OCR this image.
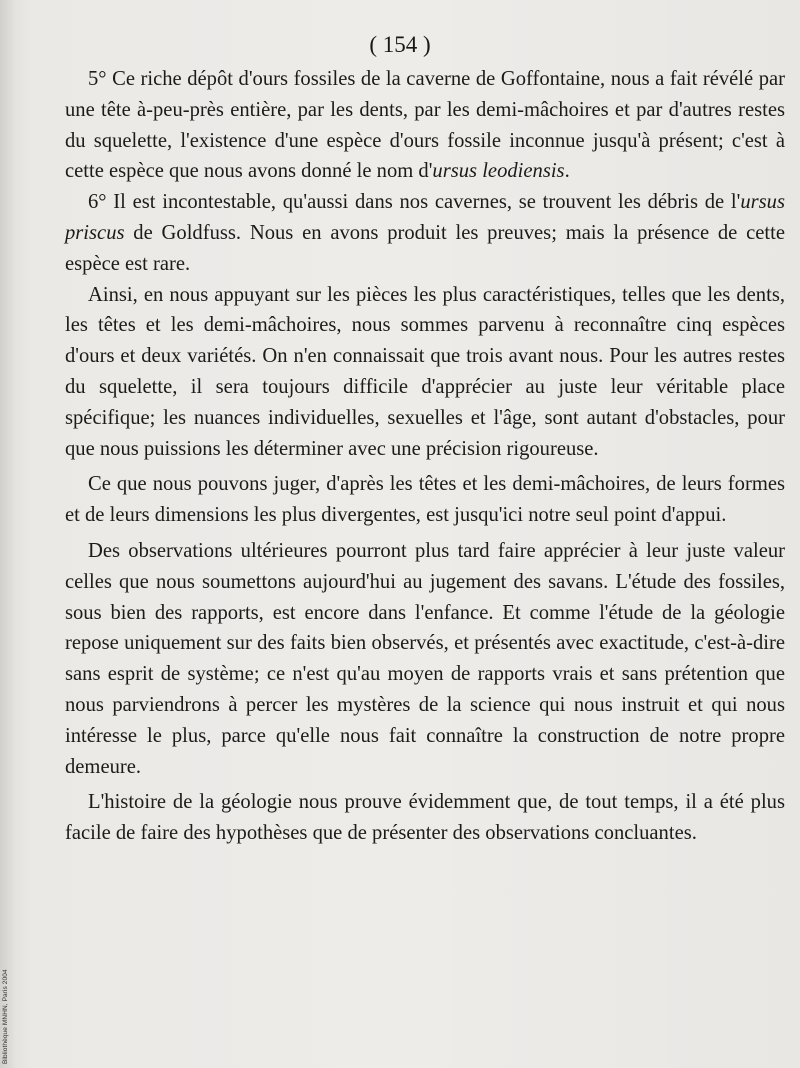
Bibliothèque MNHN, Paris 2004
( 154 )

5° Ce riche dépôt d'ours fossiles de la caverne de Goffontaine, nous a fait révélé par une tête à-peu-près entière, par les dents, par les demi-mâchoires et par d'autres restes du squelette, l'existence d'une espèce d'ours fossile inconnue jusqu'à présent; c'est à cette espèce que nous avons donné le nom d'ursus leodiensis.

6° Il est incontestable, qu'aussi dans nos cavernes, se trouvent les débris de l'ursus priscus de Goldfuss. Nous en avons produit les preuves; mais la présence de cette espèce est rare.

Ainsi, en nous appuyant sur les pièces les plus caractéristiques, telles que les dents, les têtes et les demi-mâchoires, nous sommes parvenu à reconnaître cinq espèces d'ours et deux variétés. On n'en connaissait que trois avant nous. Pour les autres restes du squelette, il sera toujours difficile d'apprécier au juste leur véritable place spécifique; les nuances individuelles, sexuelles et l'âge, sont autant d'obstacles, pour que nous puissions les déterminer avec une précision rigoureuse.

Ce que nous pouvons juger, d'après les têtes et les demi-mâchoires, de leurs formes et de leurs dimensions les plus divergentes, est jusqu'ici notre seul point d'appui.

Des observations ultérieures pourront plus tard faire apprécier à leur juste valeur celles que nous soumettons aujourd'hui au jugement des savans. L'étude des fossiles, sous bien des rapports, est encore dans l'enfance. Et comme l'étude de la géologie repose uniquement sur des faits bien observés, et présentés avec exactitude, c'est-à-dire sans esprit de système; ce n'est qu'au moyen de rapports vrais et sans prétention que nous parviendrons à percer les mystères de la science qui nous instruit et qui nous intéresse le plus, parce qu'elle nous fait connaître la construction de notre propre demeure.

L'histoire de la géologie nous prouve évidemment que, de tout temps, il a été plus facile de faire des hypothèses que de présenter des observations concluantes.
